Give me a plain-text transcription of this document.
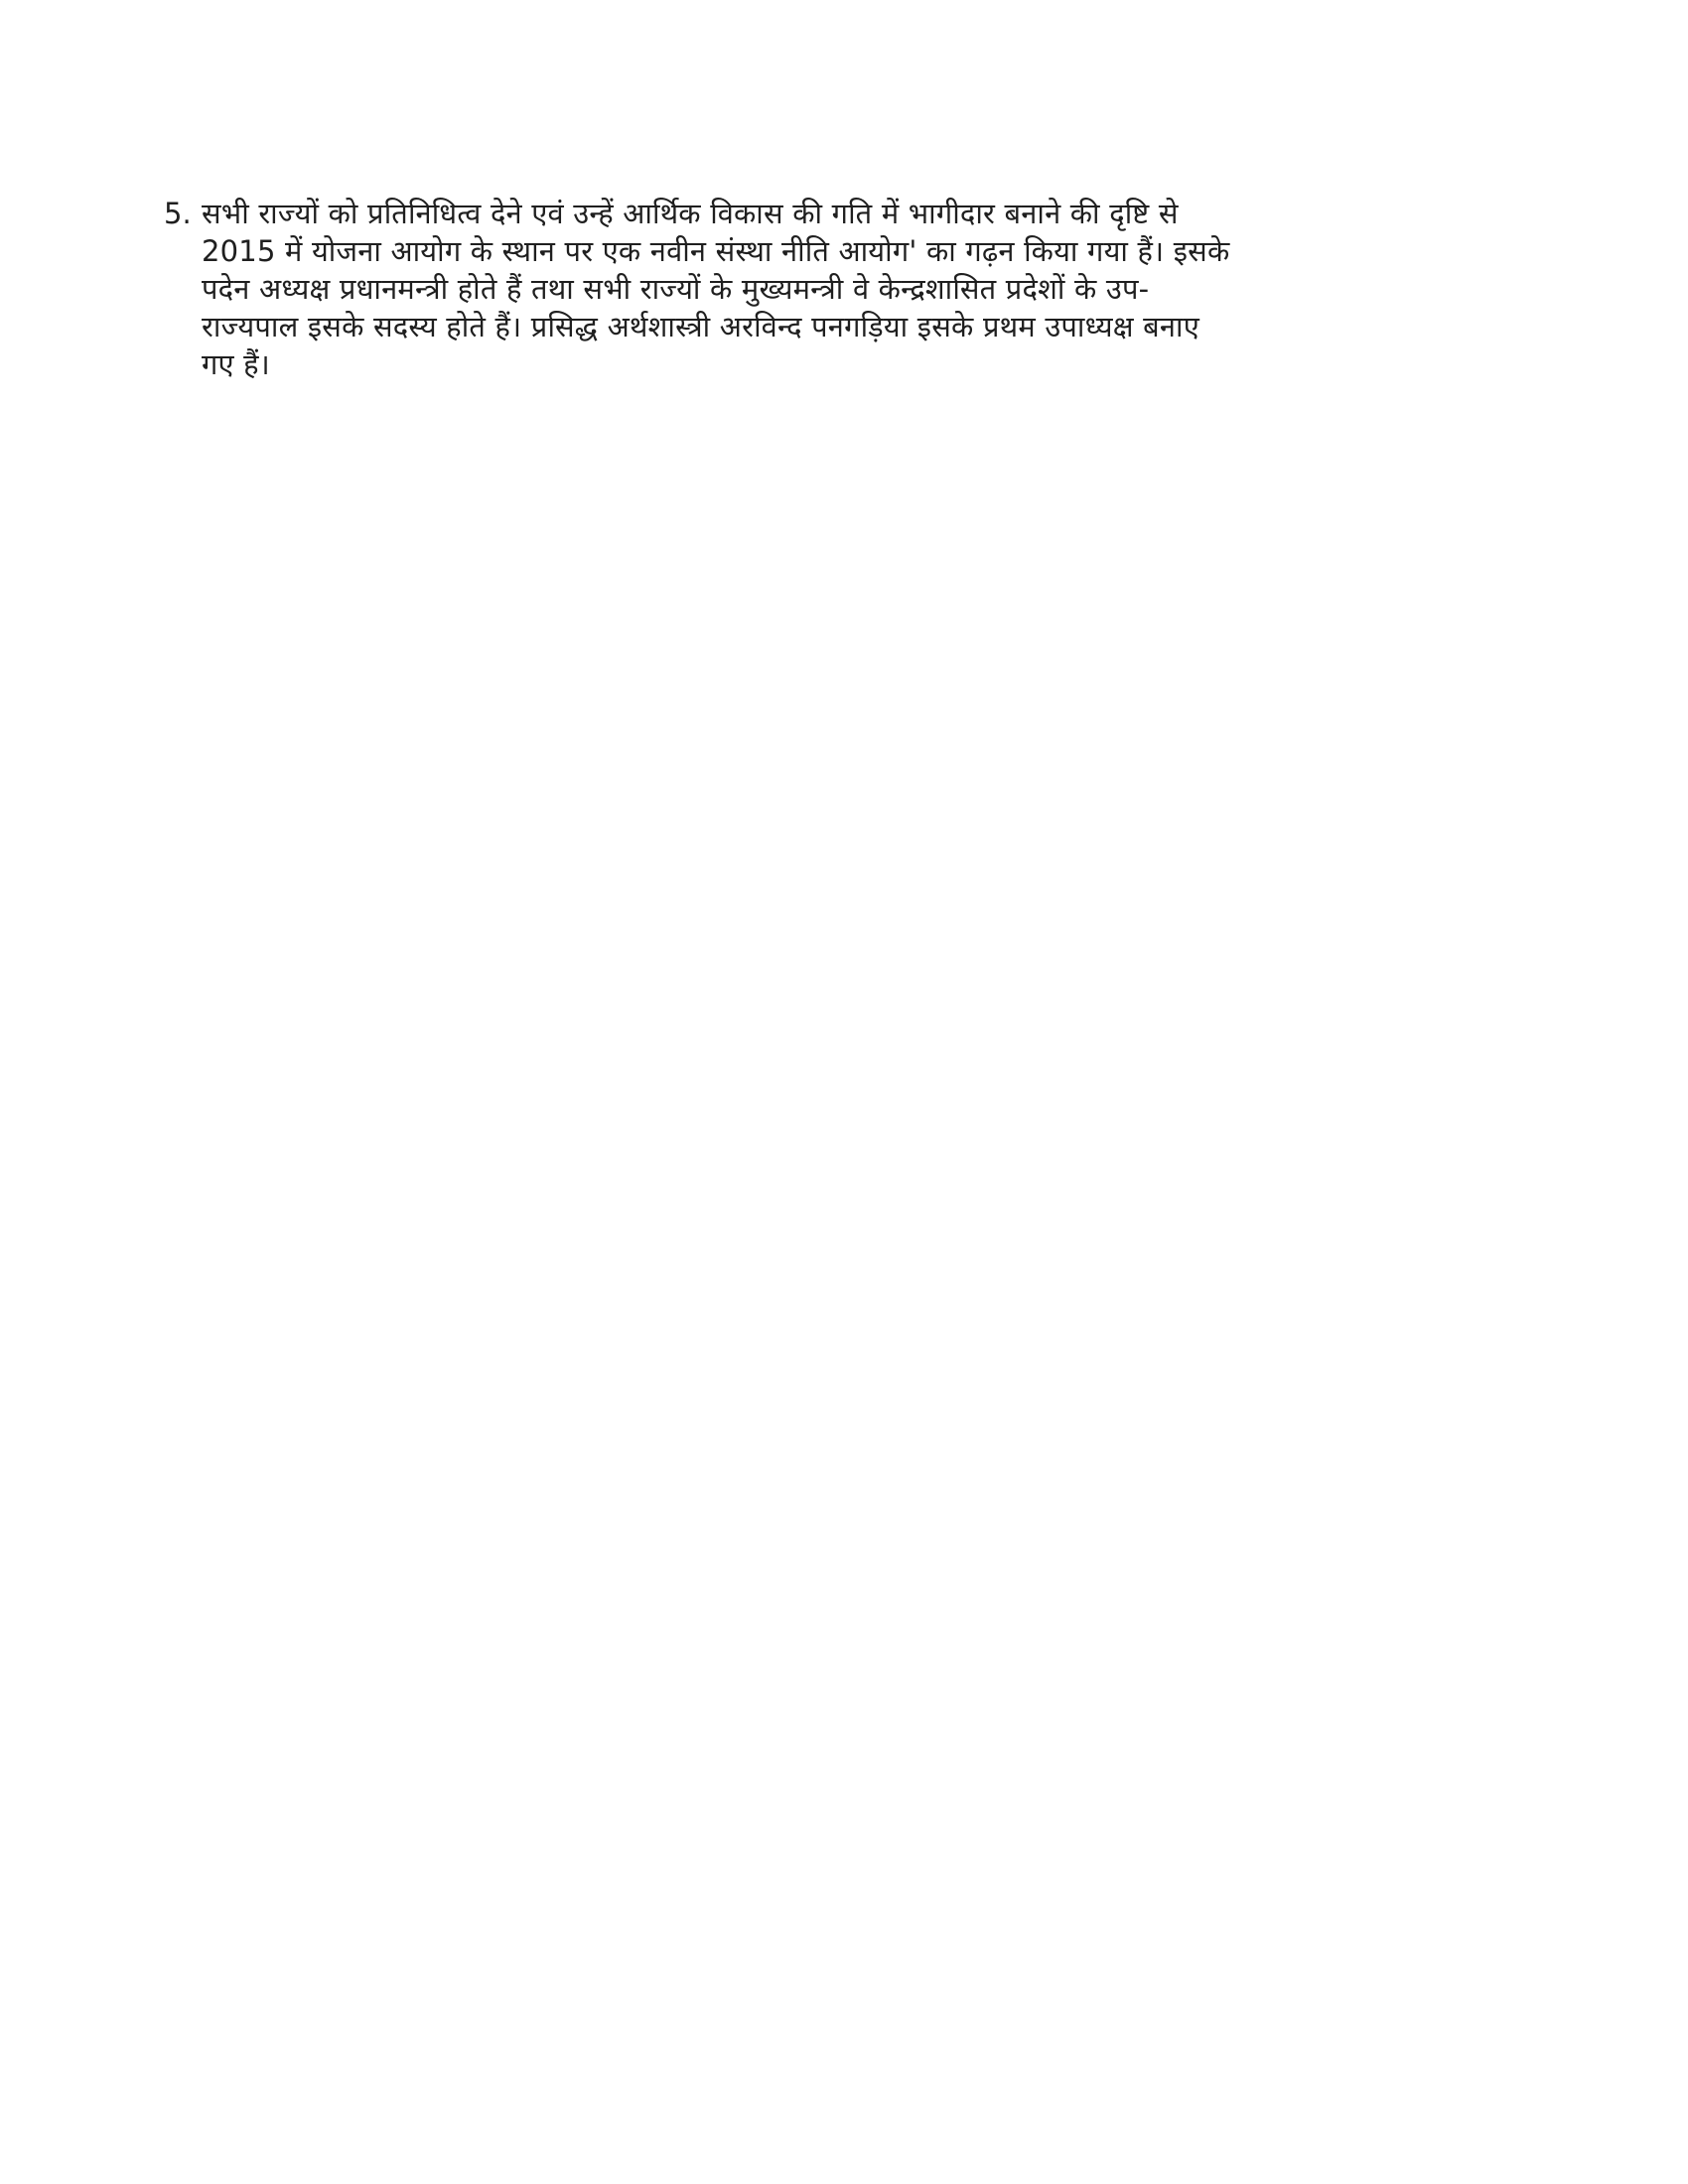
5. सभी राज्यों को प्रतिनिधित्व देने एवं उन्हें आर्थिक विकास की गति में भागीदार बनाने की दृष्टि से
2015 में योजना आयोग के स्थान पर एक नवीन संस्था नीति आयोग' का गढ़न किया गया हैं। इसके
पदेन अध्यक्ष प्रधानमन्त्री होते हैं तथा सभी राज्यों के मुख्यमन्त्री वे केन्द्रशासित प्रदेशों के उप-
राज्यपाल इसके सदस्य होते हैं। प्रसिद्ध अर्थशास्त्री अरविन्द पनगड़िया इसके प्रथम उपाध्यक्ष बनाए
गए हैं।
